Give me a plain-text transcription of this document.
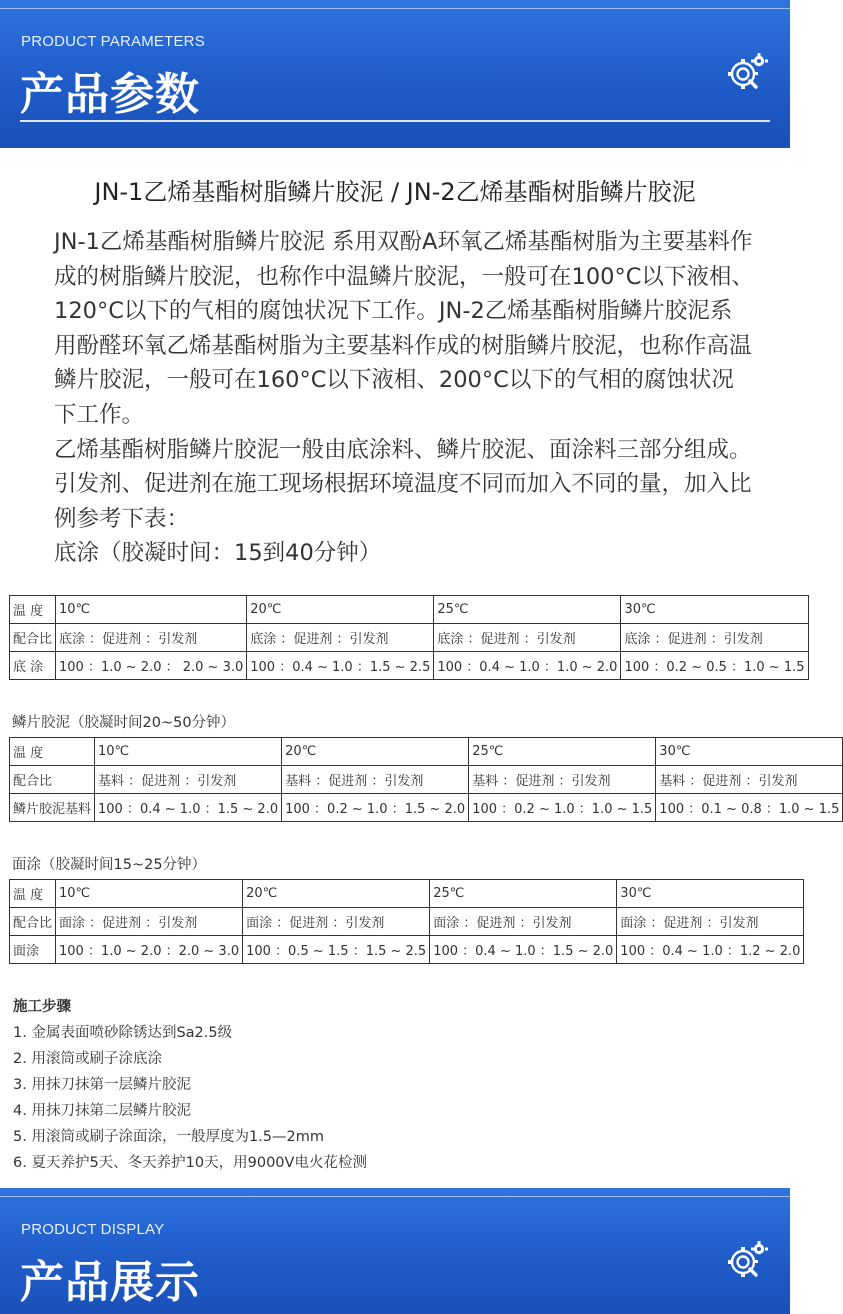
PRODUCT PARAMETERS
产品参数
JN-1乙烯基酯树脂鳞片胶泥 / JN-2乙烯基酯树脂鳞片胶泥

JN-1乙烯基酯树脂鳞片胶泥 系用双酚A环氧乙烯基酯树脂为主要基料作成的树脂鳞片胶泥，也称作中温鳞片胶泥，一般可在100°C以下液相、120°C以下的气相的腐蚀状况下工作。JN-2乙烯基酯树脂鳞片胶泥系用酚醛环氧乙烯基酯树脂为主要基料作成的树脂鳞片胶泥，也称作高温鳞片胶泥，一般可在160°C以下液相、200°C以下的气相的腐蚀状况下工作。

乙烯基酯树脂鳞片胶泥一般由底涂料、鳞片胶泥、面涂料三部分组成。引发剂、促进剂在施工现场根据环境温度不同而加入不同的量，加入比例参考下表：

底涂（胶凝时间：15到40分钟）

温 度	10℃	20℃	25℃	30℃
配合比	底涂 ：促进剂 ：引发剂	底涂 ：促进剂 ：引发剂	底涂 ：促进剂 ：引发剂	底涂 ：促进剂 ：引发剂
底 涂	100 ：1.0 ~ 2.0 ： 2.0 ~ 3.0	100 ：0.4 ~ 1.0 ：1.5 ~ 2.5	100 ：0.4 ~ 1.0 ：1.0 ~ 2.0	100 ：0.2 ~ 0.5 ：1.0 ~ 1.5
鳞片胶泥（胶凝时间20~50分钟）
温 度	10℃	20℃	25℃	30℃
配合比	基料 ：促进剂 ：引发剂	基料 ：促进剂 ：引发剂	基料 ：促进剂 ：引发剂	基料 ：促进剂 ：引发剂
鳞片胶泥基料	100 ：0.4 ~ 1.0 ：1.5 ~ 2.0	100 ：0.2 ~ 1.0 ：1.5 ~ 2.0	100 ：0.2 ~ 1.0 ：1.0 ~ 1.5	100 ：0.1 ~ 0.8 ：1.0 ~ 1.5
面涂（胶凝时间15~25分钟）
温 度	10℃	20℃	25℃	30℃
配合比	面涂 ：促进剂 ：引发剂	面涂 ：促进剂 ：引发剂	面涂 ：促进剂 ：引发剂	面涂 ：促进剂 ：引发剂
面涂	100 ：1.0 ~ 2.0 ：2.0 ~ 3.0	100 ：0.5 ~ 1.5 ：1.5 ~ 2.5	100 ：0.4 ~ 1.0 ：1.5 ~ 2.0	100 ：0.4 ~ 1.0 ：1.2 ~ 2.0
施工步骤
1. 金属表面喷砂除锈达到Sa2.5级
2. 用滚筒或刷子涂底涂
3. 用抹刀抹第一层鳞片胶泥
4. 用抹刀抹第二层鳞片胶泥
5. 用滚筒或刷子涂面涂，一般厚度为1.5—2mm
6. 夏天养护5天、冬天养护10天，用9000V电火花检测
PRODUCT DISPLAY
产品展示
